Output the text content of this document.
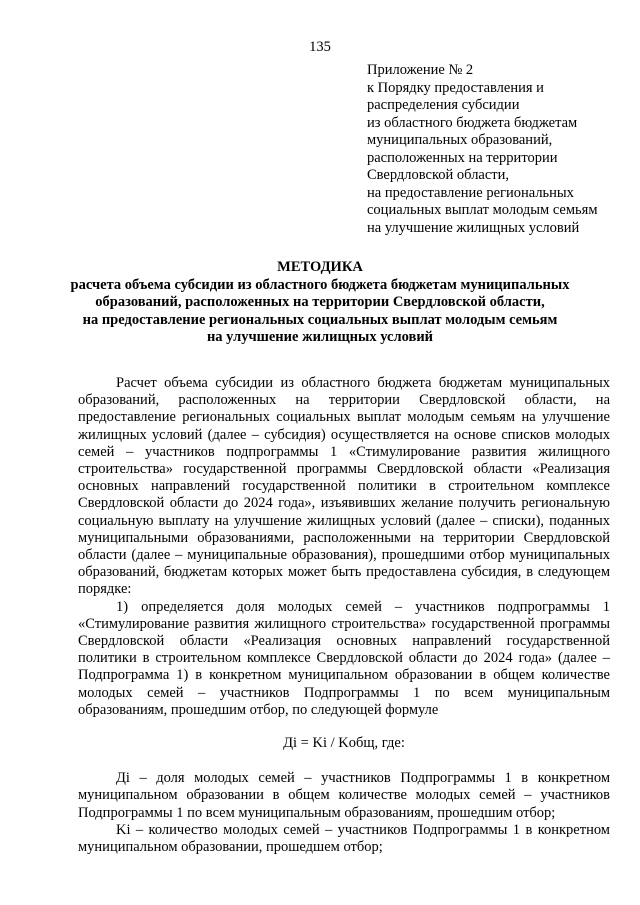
135
Приложение № 2
к Порядку предоставления и
распределения субсидии
из областного бюджета бюджетам
муниципальных образований,
расположенных на территории
Свердловской области,
на предоставление региональных
социальных выплат молодым семьям
на улучшение жилищных условий
МЕТОДИКА
расчета объема субсидии из областного бюджета бюджетам муниципальных
образований, расположенных на территории Свердловской области,
на предоставление региональных социальных выплат молодым семьям
на улучшение жилищных условий

Расчет объема субсидии из областного бюджета бюджетам муниципальных образований, расположенных на территории Свердловской области, на предоставление региональных социальных выплат молодым семьям на улучшение жилищных условий (далее – субсидия) осуществляется на основе списков молодых семей – участников подпрограммы 1 «Стимулирование развития жилищного строительства» государственной программы Свердловской области «Реализация основных направлений государственной политики в строительном комплексе Свердловской области до 2024 года», изъявивших желание получить региональную социальную выплату на улучшение жилищных условий (далее – списки), поданных муниципальными образованиями, расположенными на территории Свердловской области (далее – муниципальные образования), прошедшими отбор муниципальных образований, бюджетам которых может быть предоставлена субсидия, в следующем порядке:

1) определяется доля молодых семей – участников подпрограммы 1 «Стимулирование развития жилищного строительства» государственной программы Свердловской области «Реализация основных направлений государственной политики в строительном комплексе Свердловской области до 2024 года» (далее – Подпрограмма 1) в конкретном муниципальном образовании в общем количестве молодых семей – участников Подпрограммы 1 по всем муниципальным образованиям, прошедшим отбор, по следующей формуле

Дi = Ki / Kобщ, где:

Дi – доля молодых семей – участников Подпрограммы 1 в конкретном муниципальном образовании в общем количестве молодых семей – участников Подпрограммы 1 по всем муниципальным образованиям, прошедшим отбор;

Ki – количество молодых семей – участников Подпрограммы 1 в конкретном муниципальном образовании, прошедшем отбор;
